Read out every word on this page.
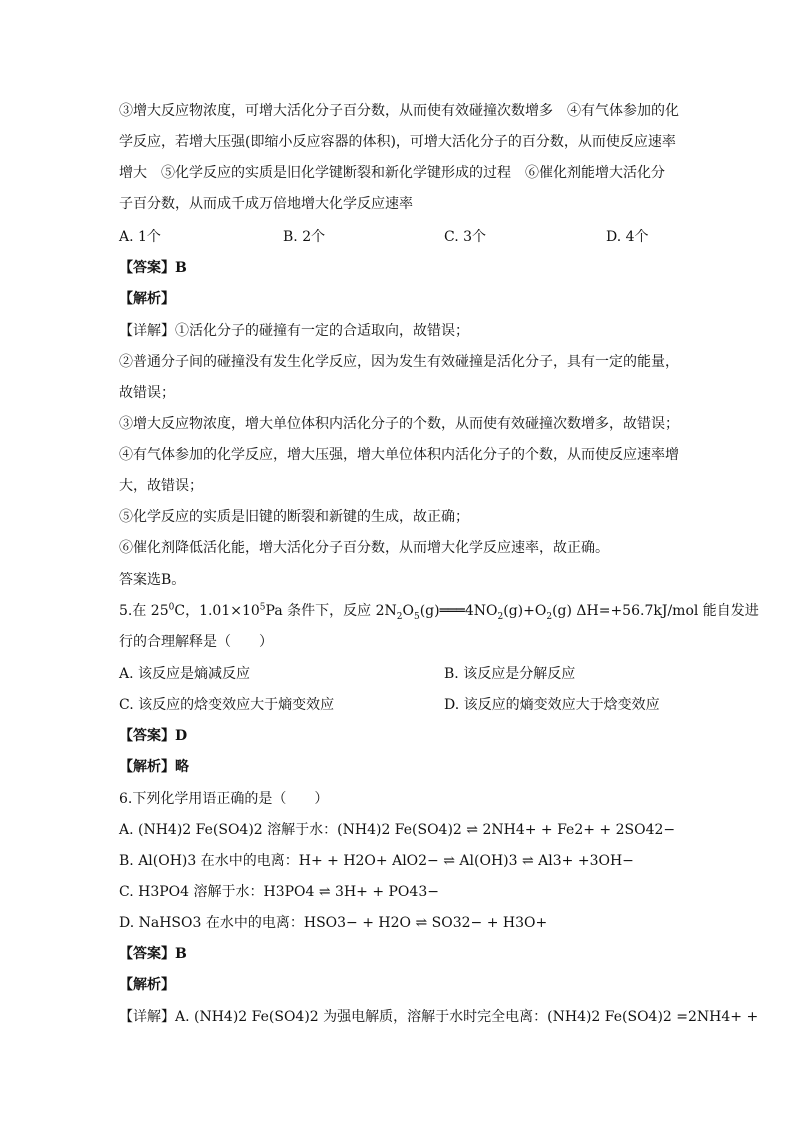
③增大反应物浓度，可增大活化分子百分数，从而使有效碰撞次数增多　④有气体参加的化
学反应，若增大压强(即缩小反应容器的体积)，可增大活化分子的百分数，从而使反应速率
增大　⑤化学反应的实质是旧化学键断裂和新化学键形成的过程　⑥催化剂能增大活化分
子百分数，从而成千成万倍地增大化学反应速率
A. 1个	B. 2个	C. 3个	D. 4个
【答案】B
【解析】
【详解】①活化分子的碰撞有一定的合适取向，故错误；
②普通分子间的碰撞没有发生化学反应，因为发生有效碰撞是活化分子，具有一定的能量，
故错误；
③增大反应物浓度，增大单位体积内活化分子的个数，从而使有效碰撞次数增多，故错误；
④有气体参加的化学反应，增大压强，增大单位体积内活化分子的个数，从而使反应速率增
大，故错误；
⑤化学反应的实质是旧键的断裂和新键的生成，故正确；
⑥催化剂降低活化能，增大活化分子百分数，从而增大化学反应速率，故正确。
答案选B。
5.在 $25^0C$，$1.01\times 10^5Pa$ 条件下，反应 $2N_2O_5(g)═══4NO_2(g)+O_2(g)$ ΔH=+56.7kJ/mol 能自发进
行的合理解释是（　　）
A. 该反应是熵减反应	B. 该反应是分解反应
C. 该反应的焓变效应大于熵变效应	D. 该反应的熵变效应大于焓变效应
【答案】D
【解析】略
6.下列化学用语正确的是（　　）
A. (NH4)2 Fe(SO4)2 溶解于水：(NH4)2 Fe(SO4)2 ⇌ 2NH4+ + Fe2+ + 2SO42−
B. Al(OH)3 在水中的电离：H+ + H2O+ AlO2− ⇌ Al(OH)3 ⇌ Al3+ +3OH−
C. H3PO4 溶解于水：H3PO4 ⇌ 3H+ + PO43−
D. NaHSO3 在水中的电离：HSO3− + H2O ⇌ SO32− + H3O+
【答案】B
【解析】
【详解】A. (NH4)2 Fe(SO4)2 为强电解质，溶解于水时完全电离：(NH4)2 Fe(SO4)2 =2NH4+ +
